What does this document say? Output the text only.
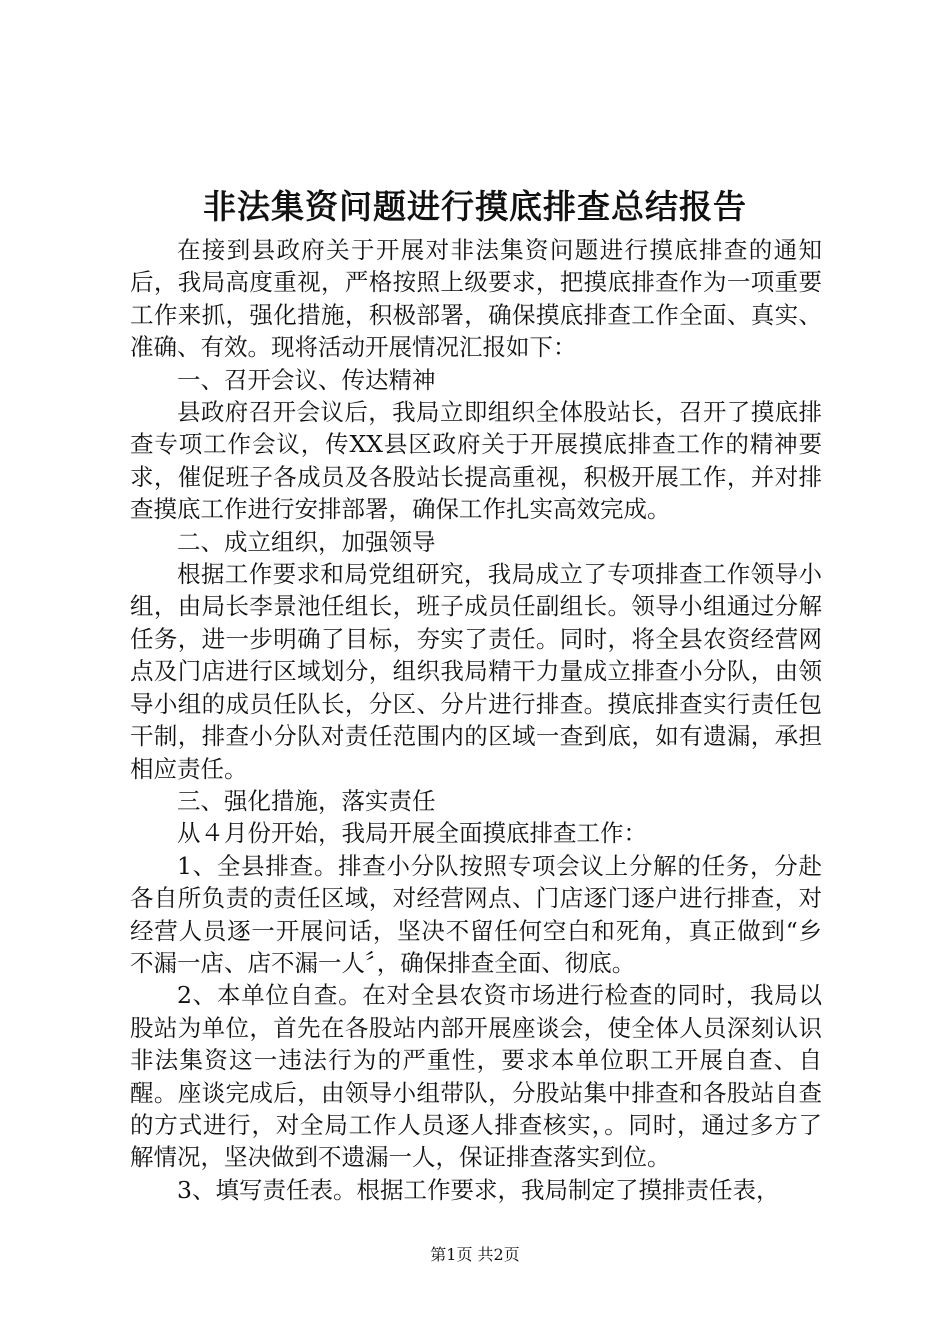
非法集资问题进行摸底排查总结报告

在接到县政府关于开展对非法集资问题进行摸底排查的通知后，我局高度重视，严格按照上级要求，把摸底排查作为一项重要工作来抓，强化措施，积极部署，确保摸底排查工作全面、真实、准确、有效。现将活动开展情况汇报如下：

一、召开会议、传达精神

县政府召开会议后，我局立即组织全体股站长，召开了摸底排查专项工作会议，传XX县区政府关于开展摸底排查工作的精神要求，催促班子各成员及各股站长提高重视，积极开展工作，并对排查摸底工作进行安排部署，确保工作扎实高效完成。

二、成立组织，加强领导

根据工作要求和局党组研究，我局成立了专项排查工作领导小组，由局长李景池任组长，班子成员任副组长。领导小组通过分解任务，进一步明确了目标，夯实了责任。同时，将全县农资经营网点及门店进行区域划分，组织我局精干力量成立排查小分队，由领导小组的成员任队长，分区、分片进行排查。摸底排查实行责任包干制，排查小分队对责任范围内的区域一查到底，如有遗漏，承担相应责任。

三、强化措施，落实责任

从４月份开始，我局开展全面摸底排查工作：

1、全县排查。排查小分队按照专项会议上分解的任务，分赴各自所负责的责任区域，对经营网点、门店逐门逐户进行排查，对经营人员逐一开展问话，坚决不留任何空白和死角，真正做到“乡不漏一店、店不漏一人〞，确保排查全面、彻底。

2、本单位自查。在对全县农资市场进行检查的同时，我局以股站为单位，首先在各股站内部开展座谈会，使全体人员深刻认识非法集资这一违法行为的严重性，要求本单位职工开展自查、自醒。座谈完成后，由领导小组带队，分股站集中排查和各股站自查的方式进行，对全局工作人员逐人排查核实，。同时，通过多方了解情况，坚决做到不遗漏一人，保证排查落实到位。

3、填写责任表。根据工作要求，我局制定了摸排责任表，

第1页 共2页
